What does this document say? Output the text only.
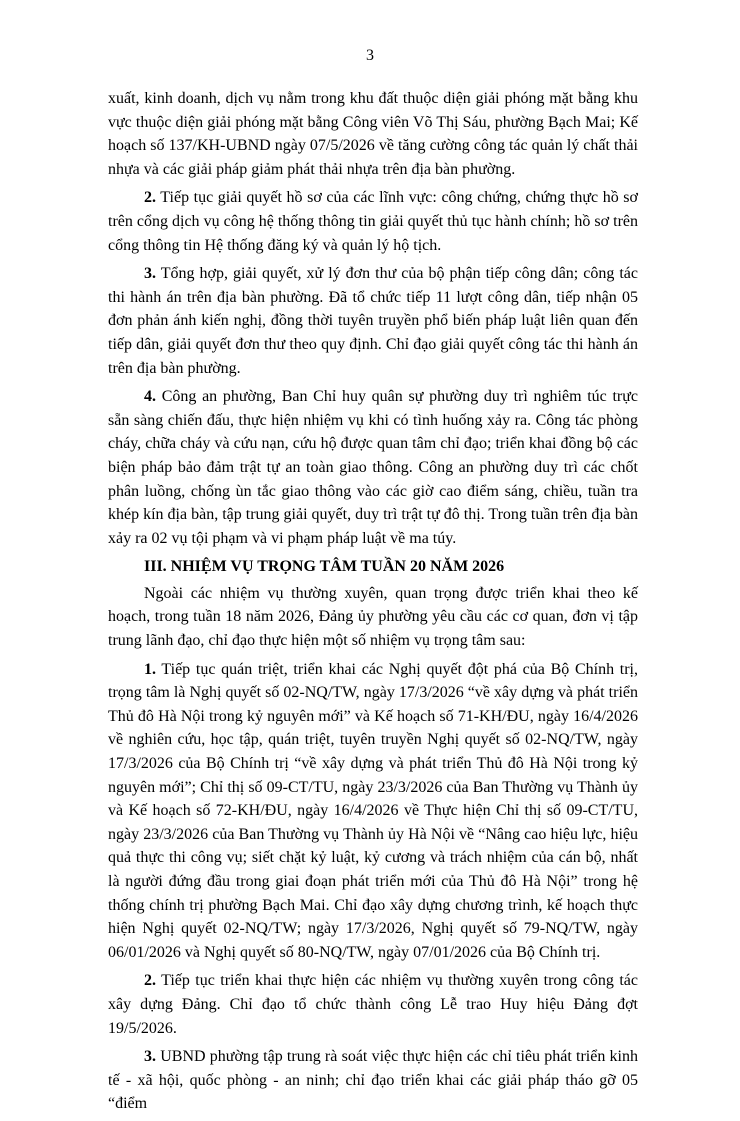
3

xuất, kinh doanh, dịch vụ nằm trong khu đất thuộc diện giải phóng mặt bằng khu vực thuộc diện giải phóng mặt bằng Công viên Võ Thị Sáu, phường Bạch Mai; Kế hoạch số 137/KH-UBND ngày 07/5/2026 về tăng cường công tác quản lý chất thải nhựa và các giải pháp giảm phát thải nhựa trên địa bàn phường.

2. Tiếp tục giải quyết hồ sơ của các lĩnh vực: công chứng, chứng thực hồ sơ trên cổng dịch vụ công hệ thống thông tin giải quyết thủ tục hành chính; hồ sơ trên cổng thông tin Hệ thống đăng ký và quản lý hộ tịch.

3. Tổng hợp, giải quyết, xử lý đơn thư của bộ phận tiếp công dân; công tác thi hành án trên địa bàn phường. Đã tổ chức tiếp 11 lượt công dân, tiếp nhận 05 đơn phản ánh kiến nghị, đồng thời tuyên truyền phổ biến pháp luật liên quan đến tiếp dân, giải quyết đơn thư theo quy định. Chỉ đạo giải quyết công tác thi hành án trên địa bàn phường.

4. Công an phường, Ban Chỉ huy quân sự phường duy trì nghiêm túc trực sẵn sàng chiến đấu, thực hiện nhiệm vụ khi có tình huống xảy ra. Công tác phòng cháy, chữa cháy và cứu nạn, cứu hộ được quan tâm chỉ đạo; triển khai đồng bộ các biện pháp bảo đảm trật tự an toàn giao thông. Công an phường duy trì các chốt phân luồng, chống ùn tắc giao thông vào các giờ cao điểm sáng, chiều, tuần tra khép kín địa bàn, tập trung giải quyết, duy trì trật tự đô thị. Trong tuần trên địa bàn xảy ra 02 vụ tội phạm và vi phạm pháp luật về ma túy.

III. NHIỆM VỤ TRỌNG TÂM TUẦN 20 NĂM 2026

Ngoài các nhiệm vụ thường xuyên, quan trọng được triển khai theo kế hoạch, trong tuần 18 năm 2026, Đảng ủy phường yêu cầu các cơ quan, đơn vị tập trung lãnh đạo, chỉ đạo thực hiện một số nhiệm vụ trọng tâm sau:

1. Tiếp tục quán triệt, triển khai các Nghị quyết đột phá của Bộ Chính trị, trọng tâm là Nghị quyết số 02-NQ/TW, ngày 17/3/2026 “về xây dựng và phát triển Thủ đô Hà Nội trong kỷ nguyên mới” và Kế hoạch số 71-KH/ĐU, ngày 16/4/2026 về nghiên cứu, học tập, quán triệt, tuyên truyền Nghị quyết số 02-NQ/TW, ngày 17/3/2026 của Bộ Chính trị “về xây dựng và phát triển Thủ đô Hà Nội trong kỷ nguyên mới”; Chỉ thị số 09-CT/TU, ngày 23/3/2026 của Ban Thường vụ Thành ủy và Kế hoạch số 72-KH/ĐU, ngày 16/4/2026 về Thực hiện Chỉ thị số 09-CT/TU, ngày 23/3/2026 của Ban Thường vụ Thành ủy Hà Nội về “Nâng cao hiệu lực, hiệu quả thực thi công vụ; siết chặt kỷ luật, kỷ cương và trách nhiệm của cán bộ, nhất là người đứng đầu trong giai đoạn phát triển mới của Thủ đô Hà Nội” trong hệ thống chính trị phường Bạch Mai. Chỉ đạo xây dựng chương trình, kế hoạch thực hiện Nghị quyết 02-NQ/TW; ngày 17/3/2026, Nghị quyết số 79-NQ/TW, ngày 06/01/2026 và Nghị quyết số 80-NQ/TW, ngày 07/01/2026 của Bộ Chính trị.

2. Tiếp tục triển khai thực hiện các nhiệm vụ thường xuyên trong công tác xây dựng Đảng. Chỉ đạo tổ chức thành công Lễ trao Huy hiệu Đảng đợt 19/5/2026.

3. UBND phường tập trung rà soát việc thực hiện các chỉ tiêu phát triển kinh tế - xã hội, quốc phòng - an ninh; chỉ đạo triển khai các giải pháp tháo gỡ 05 “điểm
